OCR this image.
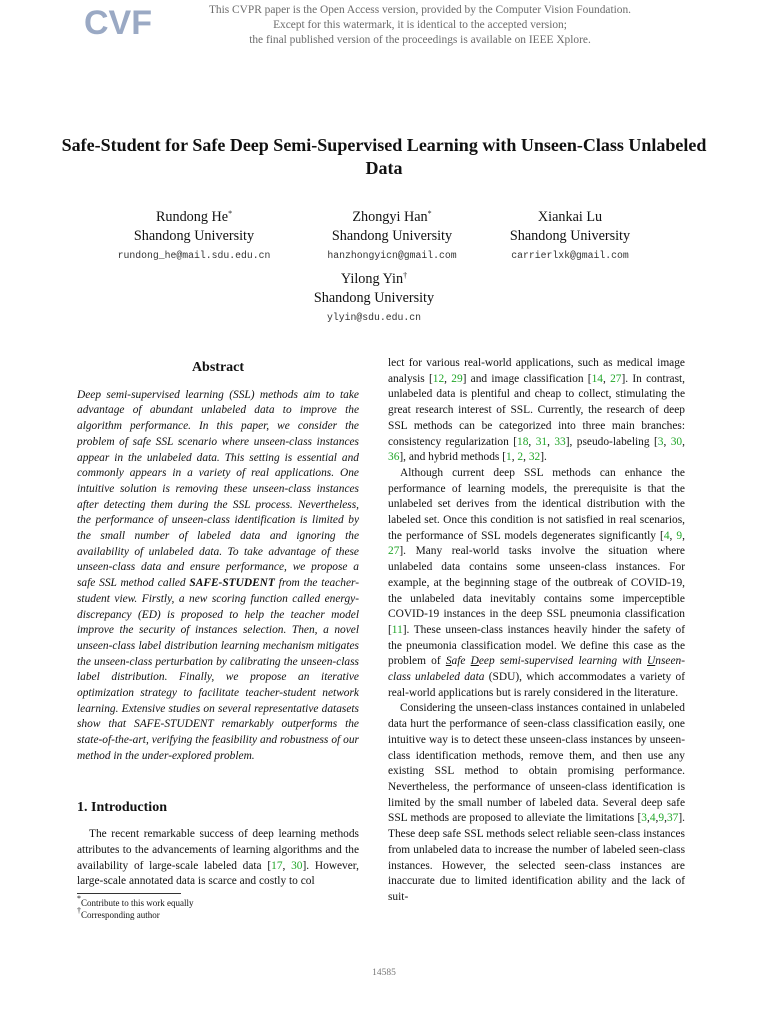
CVF	This CVPR paper is the Open Access version, provided by the Computer Vision Foundation.
Except for this watermark, it is identical to the accepted version;
the final published version of the proceedings is available on IEEE Xplore.
Safe-Student for Safe Deep Semi-Supervised Learning with Unseen-Class Unlabeled Data
Rundong He*
Shandong University
rundong_he@mail.sdu.edu.cn
Zhongyi Han*
Shandong University
hanzhongyicn@gmail.com
Xiankai Lu
Shandong University
carrierlxk@gmail.com
Yilong Yin†
Shandong University
ylyin@sdu.edu.cn
Abstract

Deep semi-supervised learning (SSL) methods aim to take advantage of abundant unlabeled data to improve the algorithm performance. In this paper, we consider the problem of safe SSL scenario where unseen-class instances appear in the unlabeled data. This setting is essential and commonly appears in a variety of real applications. One intuitive solution is removing these unseen-class instances after detecting them during the SSL process. Nevertheless, the performance of unseen-class identification is limited by the small number of labeled data and ignoring the availability of unlabeled data. To take advantage of these unseen-class data and ensure performance, we propose a safe SSL method called SAFE-STUDENT from the teacher-student view. Firstly, a new scoring function called energy-discrepancy (ED) is proposed to help the teacher model improve the security of instances selection. Then, a novel unseen-class label distribution learning mechanism mitigates the unseen-class perturbation by calibrating the unseen-class label distribution. Finally, we propose an iterative optimization strategy to facilitate teacher-student network learning. Extensive studies on several representative datasets show that SAFE-STUDENT remarkably outperforms the state-of-the-art, verifying the feasibility and robustness of our method in the under-explored problem.

1. Introduction

The recent remarkable success of deep learning methods attributes to the advancements of learning algorithms and the availability of large-scale labeled data [17, 30]. However, large-scale annotated data is scarce and costly to col

lect for various real-world applications, such as medical image analysis [12, 29] and image classification [14, 27]. In contrast, unlabeled data is plentiful and cheap to collect, stimulating the great research interest of SSL. Currently, the research of deep SSL methods can be categorized into three main branches: consistency regularization [18, 31, 33], pseudo-labeling [3, 30, 36], and hybrid methods [1, 2, 32].

Although current deep SSL methods can enhance the performance of learning models, the prerequisite is that the unlabeled set derives from the identical distribution with the labeled set. Once this condition is not satisfied in real scenarios, the performance of SSL models degenerates significantly [4, 9, 27]. Many real-world tasks involve the situation where unlabeled data contains some unseen-class instances. For example, at the beginning stage of the outbreak of COVID-19, the unlabeled data inevitably contains some imperceptible COVID-19 instances in the deep SSL pneumonia classification [11]. These unseen-class instances heavily hinder the safety of the pneumonia classification model. We define this case as the problem of Safe Deep semi-supervised learning with Unseen-class unlabeled data (SDU), which accommodates a variety of real-world applications but is rarely considered in the literature.

Considering the unseen-class instances contained in unlabeled data hurt the performance of seen-class classification easily, one intuitive way is to detect these unseen-class instances by unseen-class identification methods, remove them, and then use any existing SSL method to obtain promising performance. Nevertheless, the performance of unseen-class identification is limited by the small number of labeled data. Several deep safe SSL methods are proposed to alleviate the limitations [3,4,9,37]. These deep safe SSL methods select reliable seen-class instances from unlabeled data to increase the number of labeled seen-class instances. However, the selected seen-class instances are inaccurate due to limited identification ability and the lack of suit-

*Contribute to this work equally
†Corresponding author
14585
